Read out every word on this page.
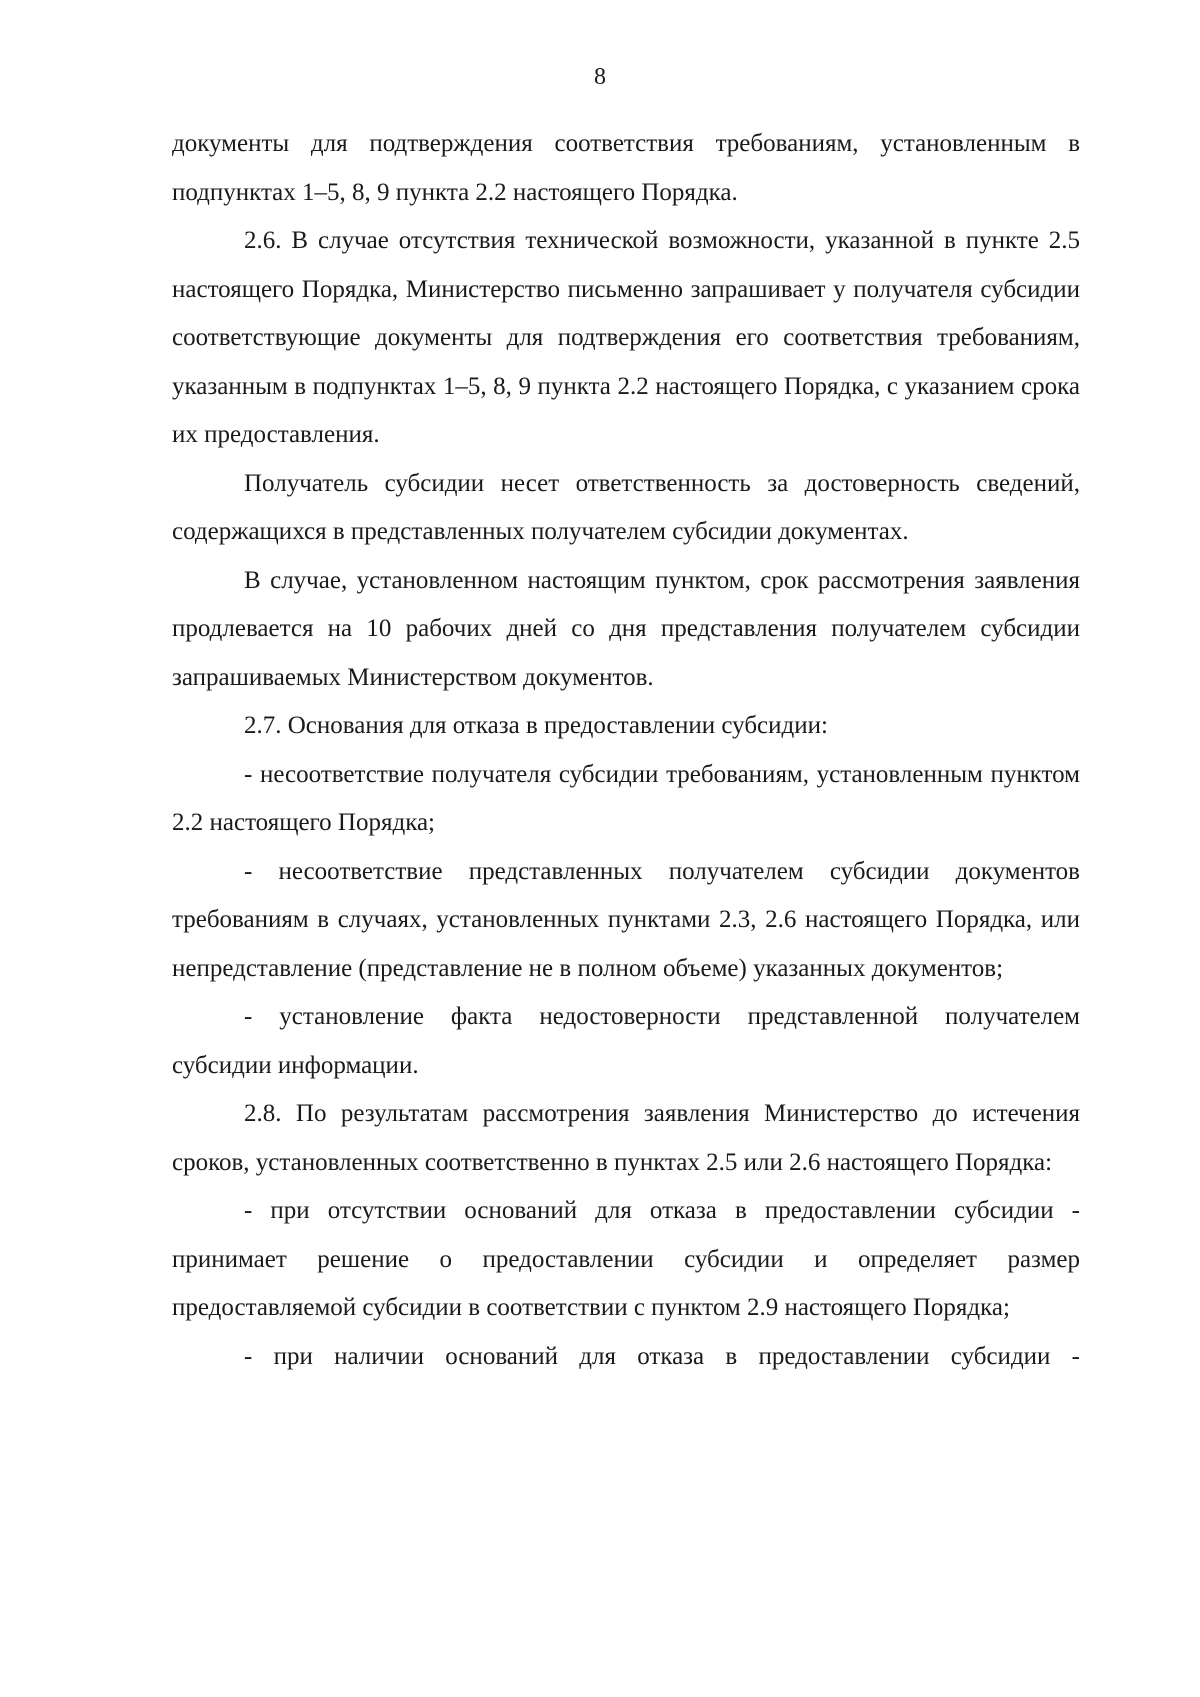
8

документы для подтверждения соответствия требованиям, установленным в подпунктах 1–5, 8, 9 пункта 2.2 настоящего Порядка.

2.6. В случае отсутствия технической возможности, указанной в пункте 2.5 настоящего Порядка, Министерство письменно запрашивает у получателя субсидии соответствующие документы для подтверждения его соответствия требованиям, указанным в подпунктах 1–5, 8, 9 пункта 2.2 настоящего Порядка, с указанием срока их предоставления.

Получатель субсидии несет ответственность за достоверность сведений, содержащихся в представленных получателем субсидии документах.

В случае, установленном настоящим пунктом, срок рассмотрения заявления продлевается на 10 рабочих дней со дня представления получателем субсидии запрашиваемых Министерством документов.

2.7. Основания для отказа в предоставлении субсидии:

- несоответствие получателя субсидии требованиям, установленным пунктом 2.2 настоящего Порядка;

- несоответствие представленных получателем субсидии документов требованиям в случаях, установленных пунктами 2.3, 2.6 настоящего Порядка, или непредставление (представление не в полном объеме) указанных документов;

- установление факта недостоверности представленной получателем субсидии информации.

2.8. По результатам рассмотрения заявления Министерство до истечения сроков, установленных соответственно в пунктах 2.5 или 2.6 настоящего Порядка:

- при отсутствии оснований для отказа в предоставлении субсидии - принимает решение о предоставлении субсидии и определяет размер предоставляемой субсидии в соответствии с пунктом 2.9 настоящего Порядка;

- при наличии оснований для отказа в предоставлении субсидии -
